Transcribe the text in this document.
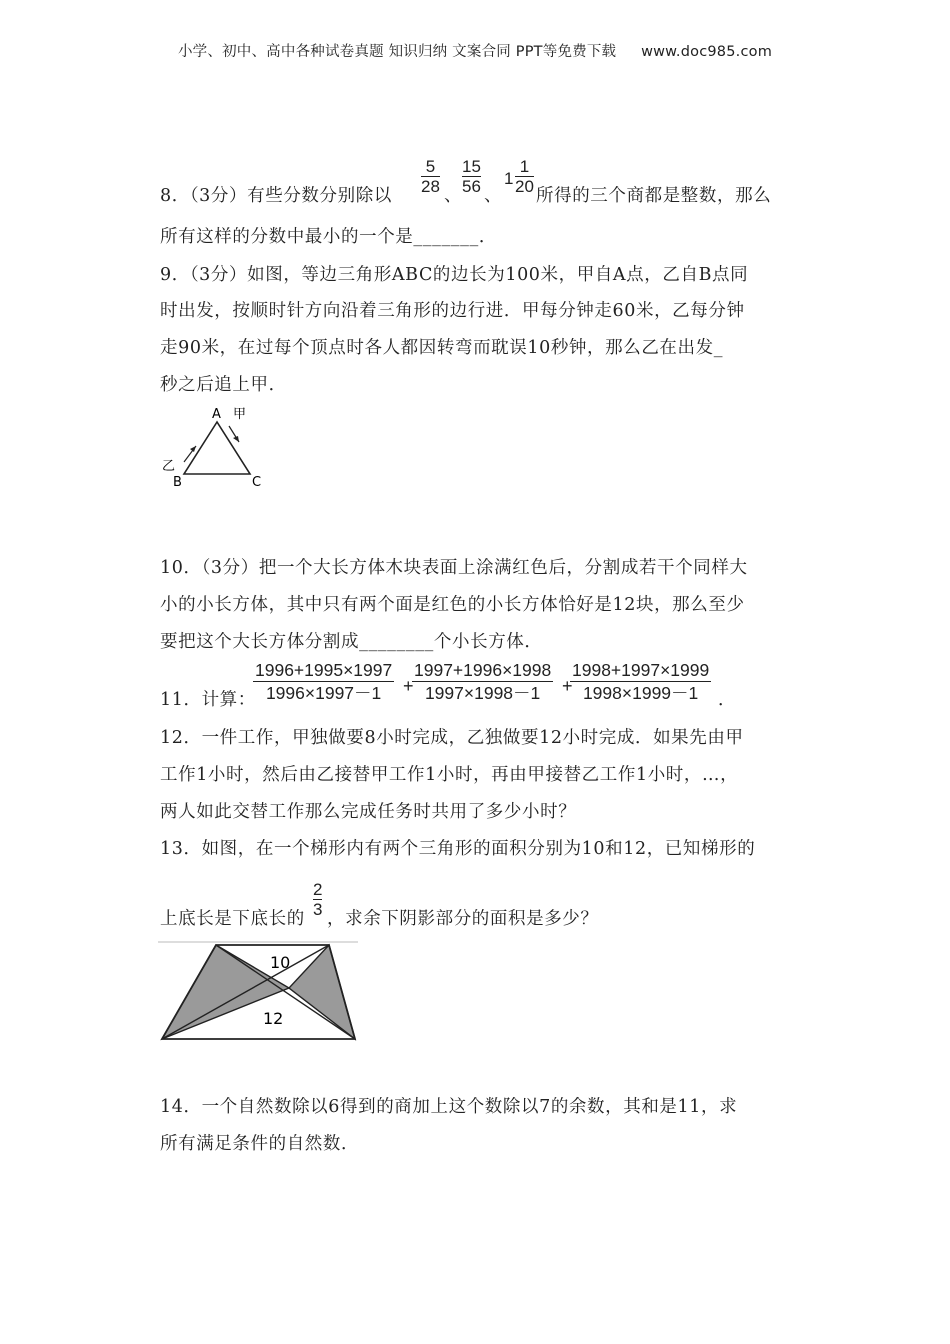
小学、初中、高中各种试卷真题 知识归纳 文案合同 PPT等免费下载 www.doc985.com
8．（3分）有些分数分别除以 $\frac{5}{28}$ 、 $\frac{15}{56}$ 、
$1 \frac{1}{20}$ 所得的三个商都是整数，那么
所有这样的分数中最小的一个是_______．
9．（3分）如图，等边三角形ABC的边长为100米，甲自A点，乙自B点同
时出发，按顺时针方向沿着三角形的边行进．甲每分钟走60米，乙每分钟
走90米，在过每个顶点时各人都因转弯而耽误10秒钟，那么乙在出发_
秒之后追上甲．
A 甲
乙
B	C
10．（3分）把一个大长方体木块表面上涂满红色后，分割成若干个同样大
小的小长方体，其中只有两个面是红色的小长方体恰好是12块，那么至少
要把这个大长方体分割成________个小长方体．
11．计算：
$\frac{1996+1995\times 1997}{1996\times 1997-1}$ +
$\frac{1997+1996\times 1998}{1997\times 1998-1}$ +
$\frac{1998+1997\times 1999}{1998\times 1999-1}$ ．
12．一件工作，甲独做要8小时完成，乙独做要12小时完成．如果先由甲
工作1小时，然后由乙接替甲工作1小时，再由甲接替乙工作1小时，…，
两人如此交替工作那么完成任务时共用了多少小时？
13．如图，在一个梯形内有两个三角形的面积分别为10和12，已知梯形的
上底长是下底长的 $\frac{2}{3}$ ，求余下阴影部分的面积是多少？
10
12
14．一个自然数除以6得到的商加上这个数除以7的余数，其和是11，求
所有满足条件的自然数．
